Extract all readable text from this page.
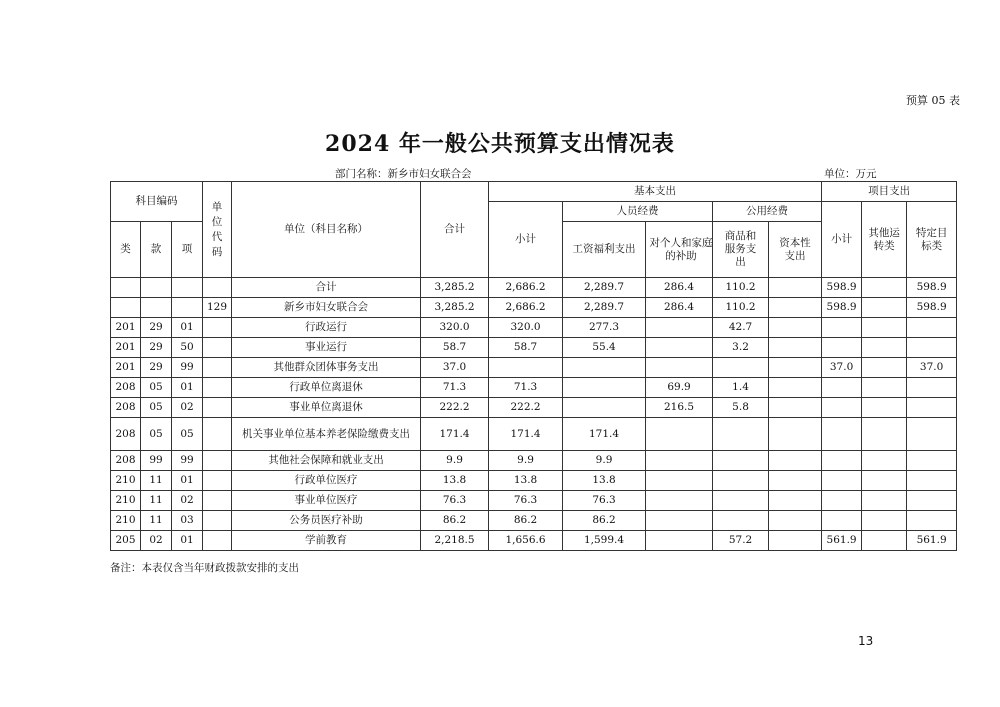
预算 05 表
2024 年一般公共预算支出情况表
部门名称：新乡市妇女联合会	单位：万元
科目编码			单位代码	单位（科目名称）	合计	基本支出					项目支出		
						小计	人员经费		公用经费		小计	其他运转类	特定目标类
类	款	项					工资福利支出	对个人和家庭的补助	商品和服务支出	资本性支出			
				合计	3,285.2	2,686.2	2,289.7	286.4	110.2		598.9		598.9
			129	新乡市妇女联合会	3,285.2	2,686.2	2,289.7	286.4	110.2		598.9		598.9
201	29	01		行政运行	320.0	320.0	277.3		42.7				
201	29	50		事业运行	58.7	58.7	55.4		3.2				
201	29	99		其他群众团体事务支出	37.0						37.0		37.0
208	05	01		行政单位离退休	71.3	71.3		69.9	1.4				
208	05	02		事业单位离退休	222.2	222.2		216.5	5.8				
208	05	05		机关事业单位基本养老保险缴费支出	171.4	171.4	171.4						
208	99	99		其他社会保障和就业支出	9.9	9.9	9.9						
210	11	01		行政单位医疗	13.8	13.8	13.8						
210	11	02		事业单位医疗	76.3	76.3	76.3						
210	11	03		公务员医疗补助	86.2	86.2	86.2						
205	02	01		学前教育	2,218.5	1,656.6	1,599.4		57.2		561.9		561.9
备注：本表仅含当年财政拨款安排的支出
13
